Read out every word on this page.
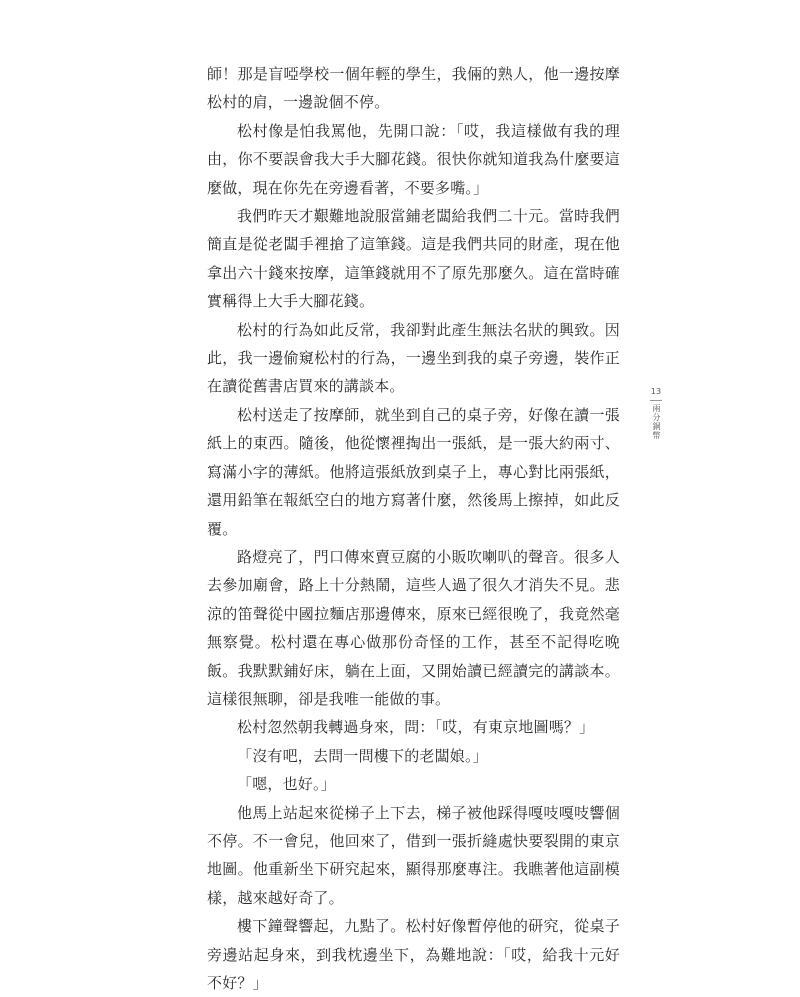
師！那是盲啞學校一個年輕的學生，我倆的熟人，他一邊按摩松村的肩，一邊說個不停。

松村像是怕我罵他，先開口說：「哎，我這樣做有我的理由，你不要誤會我大手大腳花錢。很快你就知道我為什麼要這麼做，現在你先在旁邊看著，不要多嘴。」

我們昨天才艱難地說服當鋪老闆給我們二十元。當時我們簡直是從老闆手裡搶了這筆錢。這是我們共同的財產，現在他拿出六十錢來按摩，這筆錢就用不了原先那麼久。這在當時確實稱得上大手大腳花錢。

松村的行為如此反常，我卻對此產生無法名狀的興致。因此，我一邊偷窺松村的行為，一邊坐到我的桌子旁邊，裝作正在讀從舊書店買來的講談本。

松村送走了按摩師，就坐到自己的桌子旁，好像在讀一張紙上的東西。隨後，他從懷裡掏出一張紙，是一張大約兩寸、寫滿小字的薄紙。他將這張紙放到桌子上，專心對比兩張紙，還用鉛筆在報紙空白的地方寫著什麼，然後馬上擦掉，如此反覆。

路燈亮了，門口傳來賣豆腐的小販吹喇叭的聲音。很多人去參加廟會，路上十分熱鬧，這些人過了很久才消失不見。悲涼的笛聲從中國拉麵店那邊傳來，原來已經很晚了，我竟然毫無察覺。松村還在專心做那份奇怪的工作，甚至不記得吃晚飯。我默默鋪好床，躺在上面，又開始讀已經讀完的講談本。這樣很無聊，卻是我唯一能做的事。

松村忽然朝我轉過身來，問：「哎，有東京地圖嗎？」

「沒有吧，去問一問樓下的老闆娘。」

「嗯，也好。」

他馬上站起來從梯子上下去，梯子被他踩得嘎吱嘎吱響個不停。不一會兒，他回來了，借到一張折縫處快要裂開的東京地圖。他重新坐下研究起來，顯得那麼專注。我瞧著他這副模樣，越來越好奇了。

樓下鐘聲響起，九點了。松村好像暫停他的研究，從桌子旁邊站起身來，到我枕邊坐下，為難地說：「哎，給我十元好不好？」

13
兩分銅幣
